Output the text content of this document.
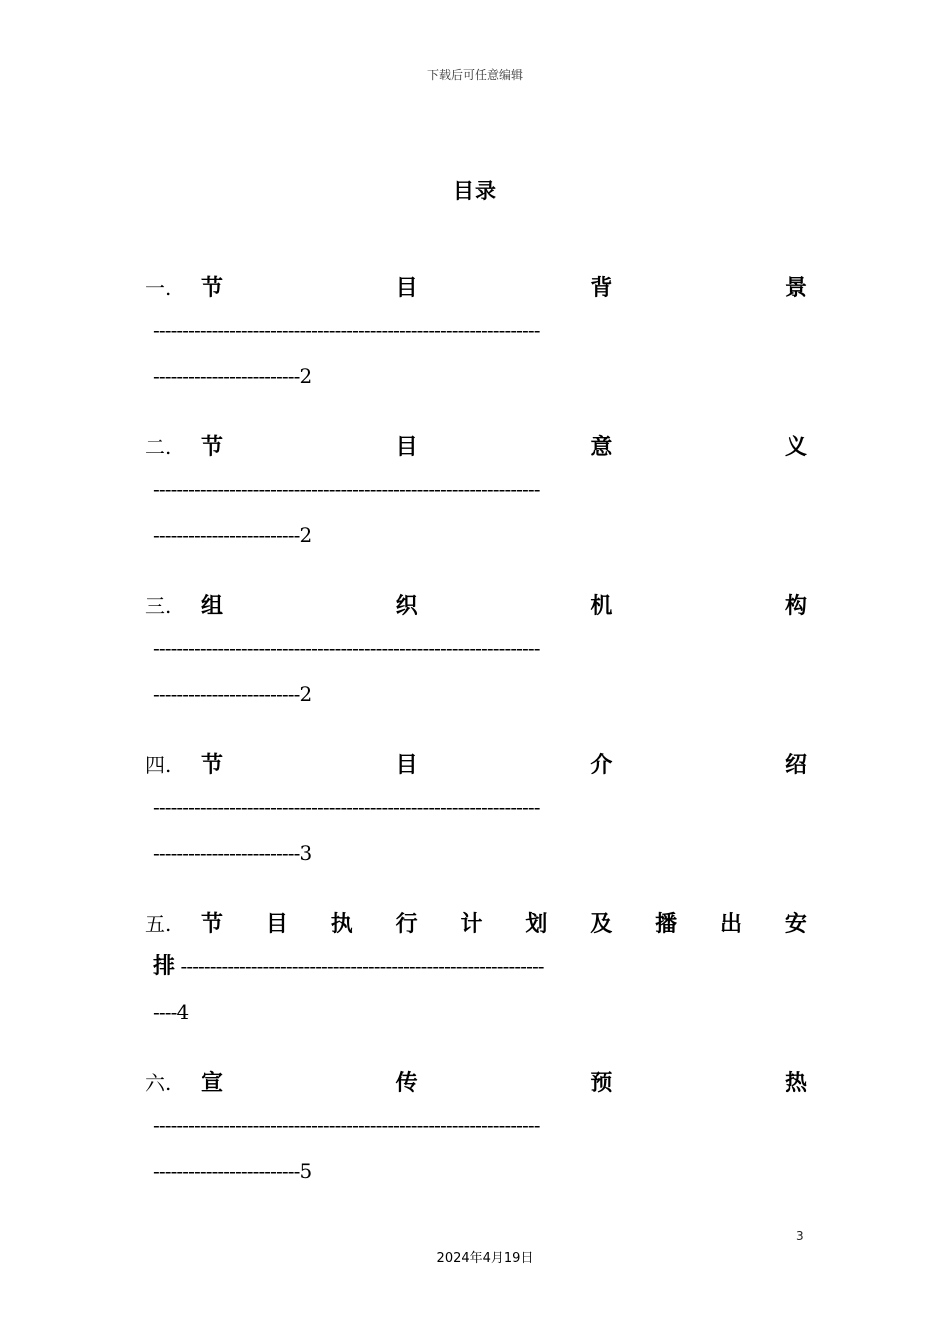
下载后可任意编辑
目录
一. 节	目	背	景
------------------------------------------------------------------
-------------------------2
二. 节	目	意	义
------------------------------------------------------------------
-------------------------2
三. 组	织	机	构
------------------------------------------------------------------
-------------------------2
四. 节	目	介	绍
------------------------------------------------------------------
-------------------------3
五. 节 目 执 行 计 划 及 播 出 安
排 --------------------------------------------------------------
----4
六. 宣	传	预	热
------------------------------------------------------------------
-------------------------5
3
2024年4月19日
